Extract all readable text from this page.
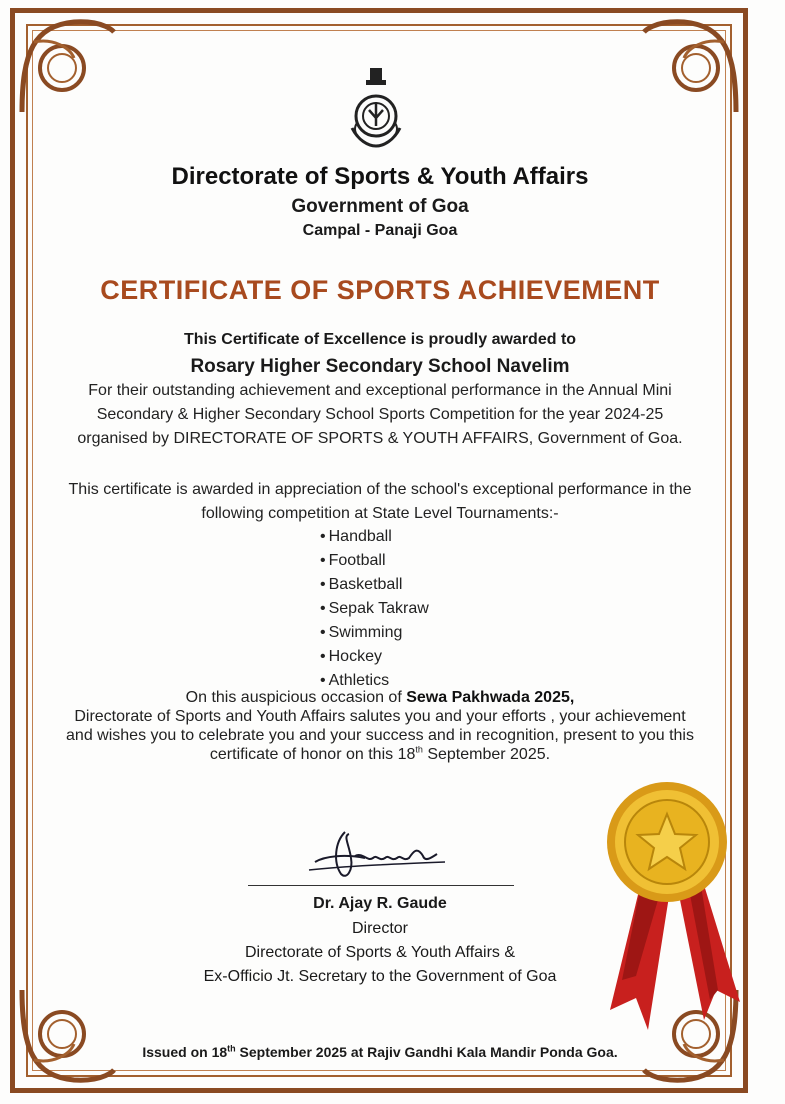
Directorate of Sports & Youth Affairs
Government of Goa
Campal - Panaji Goa
CERTIFICATE OF SPORTS ACHIEVEMENT
This Certificate of Excellence is proudly awarded to
Rosary Higher Secondary School Navelim
For their outstanding achievement and exceptional performance in the Annual Mini Secondary & Higher Secondary School Sports Competition for the year 2024-25 organised by DIRECTORATE OF SPORTS & YOUTH AFFAIRS, Government of Goa.
This certificate is awarded in appreciation of the school's exceptional performance in the following competition at State Level Tournaments:-
• Handball
• Football
• Basketball
• Sepak Takraw
• Swimming
• Hockey
• Athletics
On this auspicious occasion of Sewa Pakhwada 2025,
Directorate of Sports and Youth Affairs salutes you and your efforts , your achievement and wishes you to celebrate you and your success and in recognition, present to you this certificate of honor on this 18th September 2025.
Dr. Ajay R. Gaude
Director
Directorate of Sports & Youth Affairs &
Ex-Officio Jt. Secretary to the Government of Goa
Issued on 18th September 2025 at Rajiv Gandhi Kala Mandir Ponda Goa.
